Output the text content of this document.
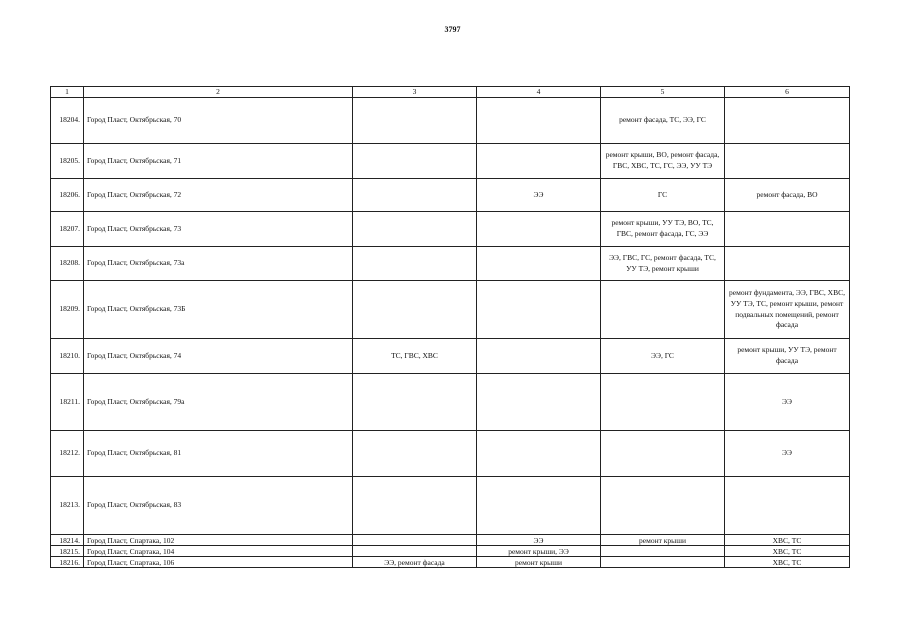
3797
1	2	3	4	5	6
18204.	Город Пласт, Октябрьская, 70			ремонт фасада, ТС, ЭЭ, ГС	
18205.	Город Пласт, Октябрьская, 71			ремонт крыши, ВО, ремонт фасада, ГВС, ХВС, ТС, ГС, ЭЭ, УУ ТЭ	
18206.	Город Пласт, Октябрьская, 72		ЭЭ	ГС	ремонт фасада, ВО
18207.	Город Пласт, Октябрьская, 73			ремонт крыши, УУ ТЭ, ВО, ТС, ГВС, ремонт фасада, ГС, ЭЭ	
18208.	Город Пласт, Октябрьская, 73а			ЭЭ, ГВС, ГС, ремонт фасада, ТС, УУ ТЭ, ремонт крыши	
18209.	Город Пласт, Октябрьская, 73Б				ремонт фундамента, ЭЭ, ГВС, ХВС, УУ ТЭ, ТС, ремонт крыши, ремонт подвальных помещений, ремонт фасада
18210.	Город Пласт, Октябрьская, 74	ТС, ГВС, ХВС		ЭЭ, ГС	ремонт крыши, УУ ТЭ, ремонт фасада
18211.	Город Пласт, Октябрьская, 79а				ЭЭ
18212.	Город Пласт, Октябрьская, 81				ЭЭ
18213.	Город Пласт, Октябрьская, 83				
18214.	Город Пласт, Спартака, 102		ЭЭ	ремонт крыши	ХВС, ТС
18215.	Город Пласт, Спартака, 104		ремонт крыши, ЭЭ		ХВС, ТС
18216.	Город Пласт, Спартака, 106	ЭЭ, ремонт фасада	ремонт крыши		ХВС, ТС
